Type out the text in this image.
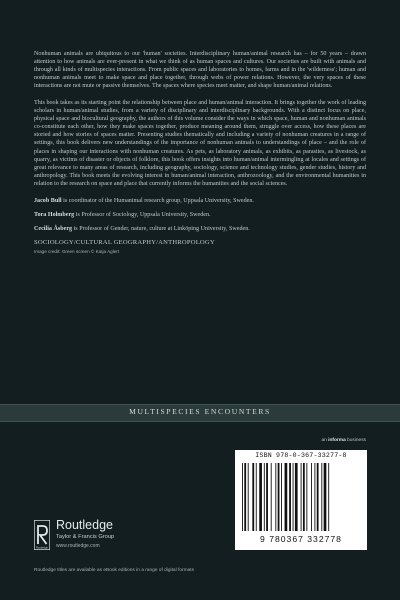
Nonhuman animals are ubiquitous to our 'human' societies. Interdisciplinary human/animal research has – for 50 years – drawn attention to how animals are ever-present in what we think of as human spaces and cultures. Our societies are built with animals and through all kinds of multispecies interactions. From public spaces and laboratories to homes, farms and in the 'wilderness'; human and nonhuman animals meet to make space and place together, through webs of power relations. However, the very spaces of these interactions are not mute or passive themselves. The spaces where species meet matter, and shape human/animal relations.

This book takes as its starting point the relationship between place and human/animal interaction. It brings together the work of leading scholars in human/animal studies, from a variety of disciplinary and interdisciplinary backgrounds. With a distinct focus on place, physical space and biocultural geography, the authors of this volume consider the ways in which space, human and nonhuman animals co-constitute each other, how they make spaces together, produce meaning around them, struggle over access, how these places are storied and how stories of spaces matter. Presenting studies thematically and including a variety of nonhuman creatures in a range of settings, this book delivers new understandings of the importance of nonhuman animals to understandings of place – and the role of places in shaping our interactions with nonhuman creatures. As pets, as laboratory animals, as exhibits, as parasites, as livestock, as quarry, as victims of disaster or objects of folklore, this book offers insights into human/animal intermingling at locales and settings of great relevance to many areas of research, including geography, sociology, science and technology studies, gender studies, history and anthropology. This book meets the evolving interest in human/animal interaction, anthrozoology, and the environmental humanities in relation to the research on space and place that currently informs the humanities and the social sciences.

Jacob Bull is coordinator of the Humanimal research group, Uppsala University, Sweden.

Tora Holmberg is Professor of Sociology, Uppsala University, Sweden.

Cecilia Åsberg is Professor of Gender, nature, culture at Linköping University, Sweden.

SOCIOLOGY/CULTURAL GEOGRAPHY/ANTHROPOLOGY

Image credit: Green screen © Katja Aglert

MULTISPECIES ENCOUNTERS
an informa business
Routledge
Routledge
Taylor & Francis Group
www.routledge.com
ISBN 978-0-367-33277-8
9 780367 332778
Routledge titles are available as eBook editions in a range of digital formats
